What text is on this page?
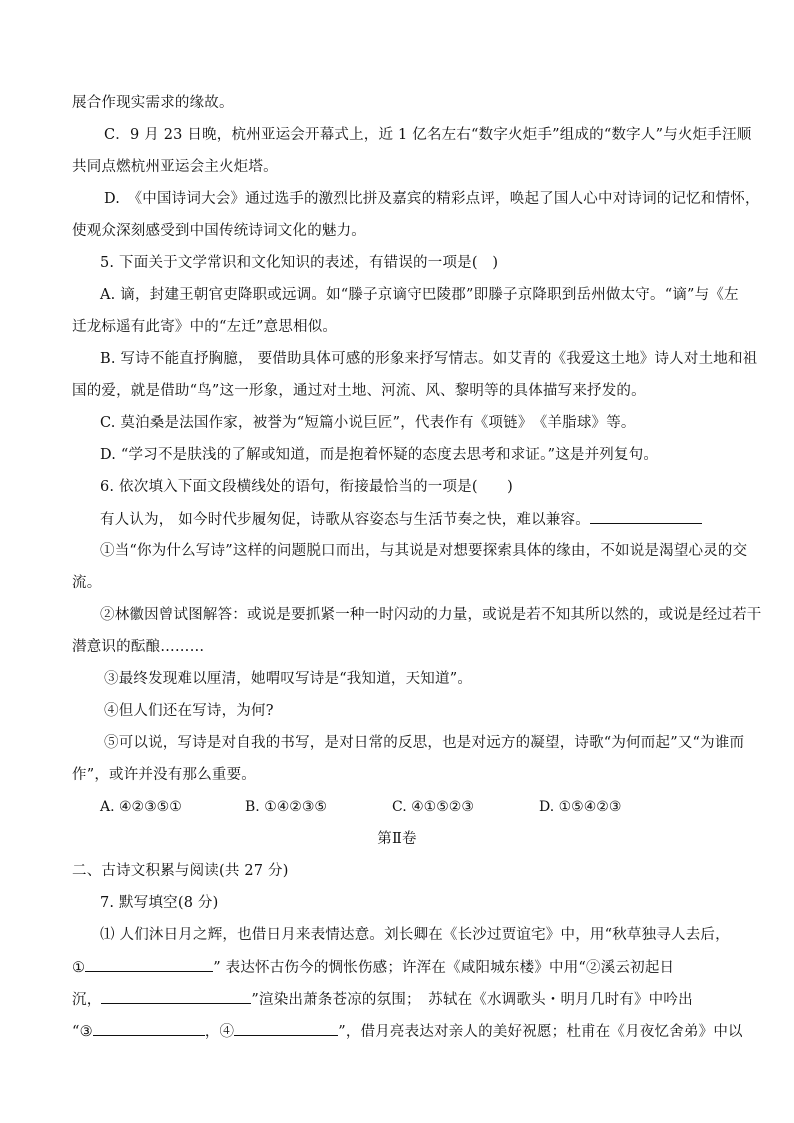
展合作现实需求的缘故。
C．9 月 23 日晚，杭州亚运会开幕式上，近 1 亿名左右“数字火炬手”组成的“数字人”与火炬手汪顺
共同点燃杭州亚运会主火炬塔。
D.　《中国诗词大会》通过选手的激烈比拼及嘉宾的精彩点评，唤起了国人心中对诗词的记忆和情怀，
使观众深刻感受到中国传统诗词文化的魅力。
5. 下面关于文学常识和文化知识的表述，有错误的一项是(　)
A. 谪，封建王朝官吏降职或远调。如“滕子京谪守巴陵郡”即滕子京降职到岳州做太守。“谪”与《左
迁龙标遥有此寄》中的“左迁”意思相似。
B. 写诗不能直抒胸臆， 要借助具体可感的形象来抒写情志。如艾青的《我爱这土地》诗人对土地和祖
国的爱，就是借助“鸟”这一形象，通过对土地、河流、风、黎明等的具体描写来抒发的。
C. 莫泊桑是法国作家，被誉为“短篇小说巨匠”，代表作有《项链》　《羊脂球》等。
D. “学习不是肤浅的了解或知道，而是抱着怀疑的态度去思考和求证。”这是并列复句。
6. 依次填入下面文段横线处的语句，衔接最恰当的一项是(　　)
有人认为， 如今时代步履匆促，诗歌从容姿态与生活节奏之快，难以兼容。
①当“你为什么写诗”这样的问题脱口而出，与其说是对想要探索具体的缘由，不如说是渴望心灵的交
流。
②林徽因曾试图解答：或说是要抓紧一种一时闪动的力量，或说是若不知其所以然的，或说是经过若干
潜意识的酝酿………
③最终发现难以厘清，她喟叹写诗是“我知道，天知道”。
④但人们还在写诗，为何?
⑤可以说，写诗是对自我的书写，是对日常的反思，也是对远方的凝望，诗歌“为何而起”又“为谁而
作”，或许并没有那么重要。
A. ④②③⑤①	B. ①④②③⑤	C. ④①⑤②③	D. ①⑤④②③
第Ⅱ卷
二、古诗文积累与阅读(共 27 分)
7. 默写填空(8 分)
⑴ 人们沐日月之辉，也借日月来表情达意。刘长卿在《长沙过贾谊宅》中，用“秋草独寻人去后，
①	” 表达怀古伤今的惆怅伤感；许浑在《咸阳城东楼》中用“②溪云初起日
沉，	”渲染出萧条苍凉的氛围；　苏轼在《水调歌头・明月几时有》中吟出
“③	，④	”，借月亮表达对亲人的美好祝愿；杜甫在《月夜忆舍弟》中以
